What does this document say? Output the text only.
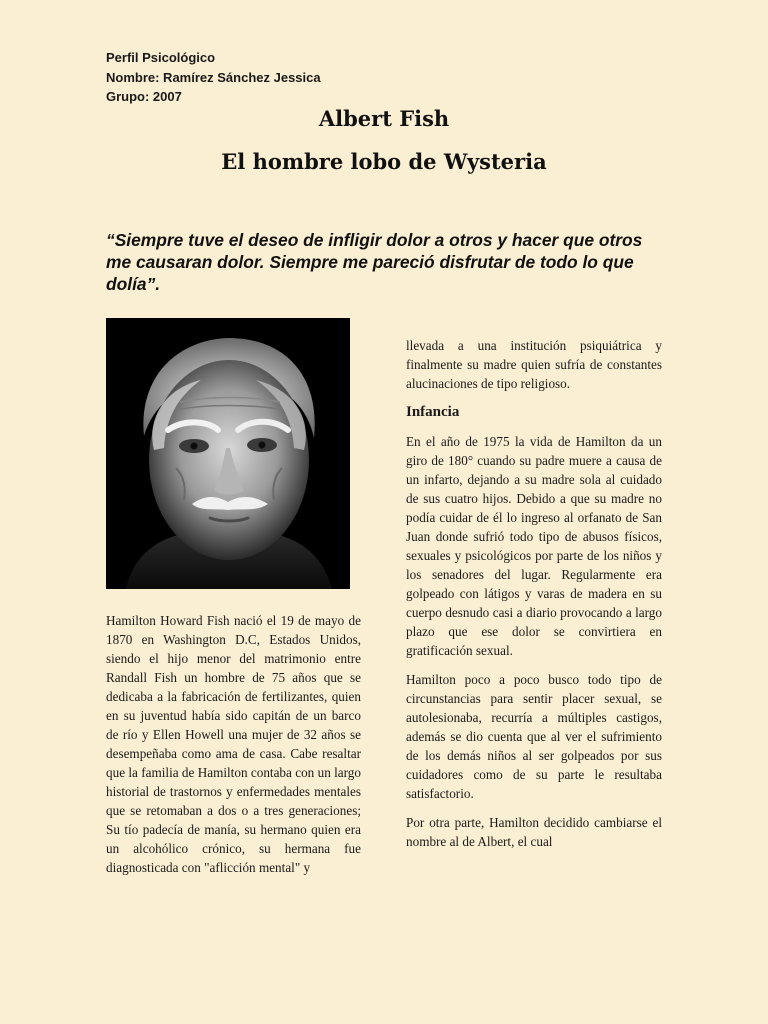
Perfil Psicológico
Nombre: Ramírez Sánchez Jessica
Grupo: 2007
Albert Fish
El hombre lobo de Wysteria
“Siempre tuve el deseo de infligir dolor a otros y hacer que otros me causaran dolor. Siempre me pareció disfrutar de todo lo que dolía”.

Hamilton Howard Fish nació el 19 de mayo de 1870 en Washington D.C, Estados Unidos, siendo el hijo menor del matrimonio entre Randall Fish un hombre de 75 años que se dedicaba a la fabricación de fertilizantes, quien en su juventud había sido capitán de un barco de río y Ellen Howell una mujer de 32 años se desempeñaba como ama de casa. Cabe resaltar que la familia de Hamilton contaba con un largo historial de trastornos y enfermedades mentales que se retomaban a dos o a tres generaciones; Su tío padecía de manía, su hermano quien era un alcohólico crónico, su hermana fue diagnosticada con "aflicción mental" y

llevada a una institución psiquiátrica y finalmente su madre quien sufría de constantes alucinaciones de tipo religioso.

Infancia

En el año de 1975 la vida de Hamilton da un giro de 180° cuando su padre muere a causa de un infarto, dejando a su madre sola al cuidado de sus cuatro hijos. Debido a que su madre no podía cuidar de él lo ingreso al orfanato de San Juan donde sufrió todo tipo de abusos físicos, sexuales y psicológicos por parte de los niños y los senadores del lugar. Regularmente era golpeado con látigos y varas de madera en su cuerpo desnudo casi a diario provocando a largo plazo que ese dolor se convirtiera en gratificación sexual.

Hamilton poco a poco busco todo tipo de circunstancias para sentir placer sexual, se autolesionaba, recurría a múltiples castigos, además se dio cuenta que al ver el sufrimiento de los demás niños al ser golpeados por sus cuidadores como de su parte le resultaba satisfactorio.

Por otra parte, Hamilton decidido cambiarse el nombre al de Albert, el cual
